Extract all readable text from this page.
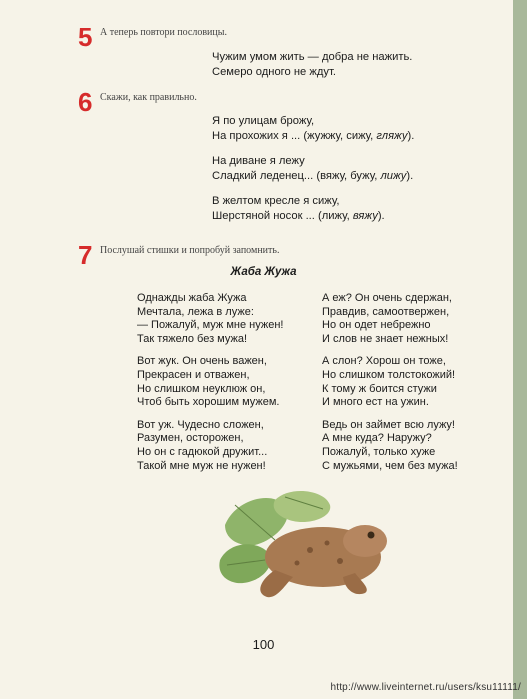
5 А теперь повтори пословицы.
Чужим умом жить — добра не нажить.
Семеро одного не ждут.
6 Скажи, как правильно.
Я по улицам брожу,
На прохожих я ... (жужжу, сижу, гляжу).
На диване я лежу
Сладкий леденец... (вяжу, бужу, лижу).
В желтом кресле я сижу,
Шерстяной носок ... (лижу, вяжу).
7 Послушай стишки и попробуй запомнить.
Жаба Жужа
Однажды жаба Жужа
Мечтала, лежа в луже:
— Пожалуй, муж мне нужен!
Так тяжело без мужа!
Вот жук. Он очень важен,
Прекрасен и отважен,
Но слишком неуклюж он,
Чтоб быть хорошим мужем.
Вот уж. Чудесно сложен,
Разумен, осторожен,
Но он с гадюкой дружит...
Такой мне муж не нужен!
А еж? Он очень сдержан,
Правдив, самоотвержен,
Но он одет небрежно
И слов не знает нежных!
А слон? Хорош он тоже,
Но слишком толстокожий!
К тому ж боится стужи
И много ест на ужин.
Ведь он займет всю лужу!
А мне куда? Наружу?
Пожалуй, только хуже
С мужьями, чем без мужа!
100
http://www.liveinternet.ru/users/ksu11111/
